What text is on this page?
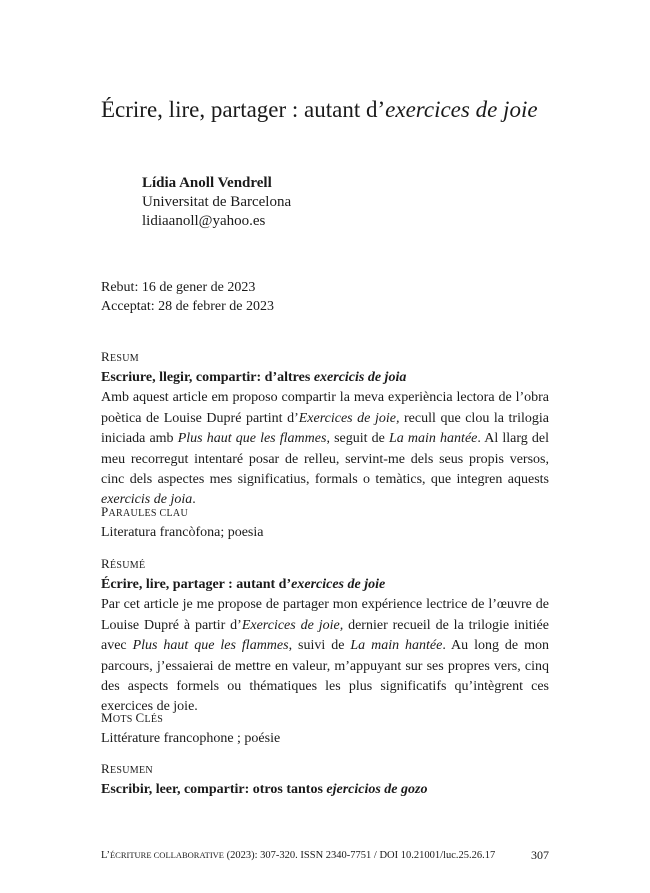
Écrire, lire, partager : autant d’exercices de joie
Lídia Anoll Vendrell
Universitat de Barcelona
lidiaanoll@yahoo.es
Rebut: 16 de gener de 2023
Acceptat: 28 de febrer de 2023
RESUM
Escriure, llegir, compartir: d’altres exercicis de joia
Amb aquest article em proposo compartir la meva experiència lectora de l’obra poètica de Louise Dupré partint d’Exercices de joie, recull que clou la trilogia iniciada amb Plus haut que les flammes, seguit de La main hantée. Al llarg del meu recorregut intentaré posar de relleu, servint-me dels seus propis versos, cinc dels aspectes mes significatius, formals o temàtics, que integren aquests exercicis de joia.
PARAULES CLAU
Literatura francòfona; poesia
RÉSUMÉ
Écrire, lire, partager : autant d’exercices de joie
Par cet article je me propose de partager mon expérience lectrice de l’œuvre de Louise Dupré à partir d’Exercices de joie, dernier recueil de la trilogie initiée avec Plus haut que les flammes, suivi de La main hantée. Au long de mon parcours, j’essaierai de mettre en valeur, m’appuyant sur ses propres vers, cinq des aspects formels ou thématiques les plus significatifs qu’intègrent ces exercices de joie.
MOTS CLÉS
Littérature francophone ; poésie
RESUMEN
Escribir, leer, compartir: otros tantos ejercicios de gozo
L’ÉCRITURE COLLABORATIVE (2023): 307-320. ISSN 2340-7751 / DOI 10.21001/luc.25.26.17	307
